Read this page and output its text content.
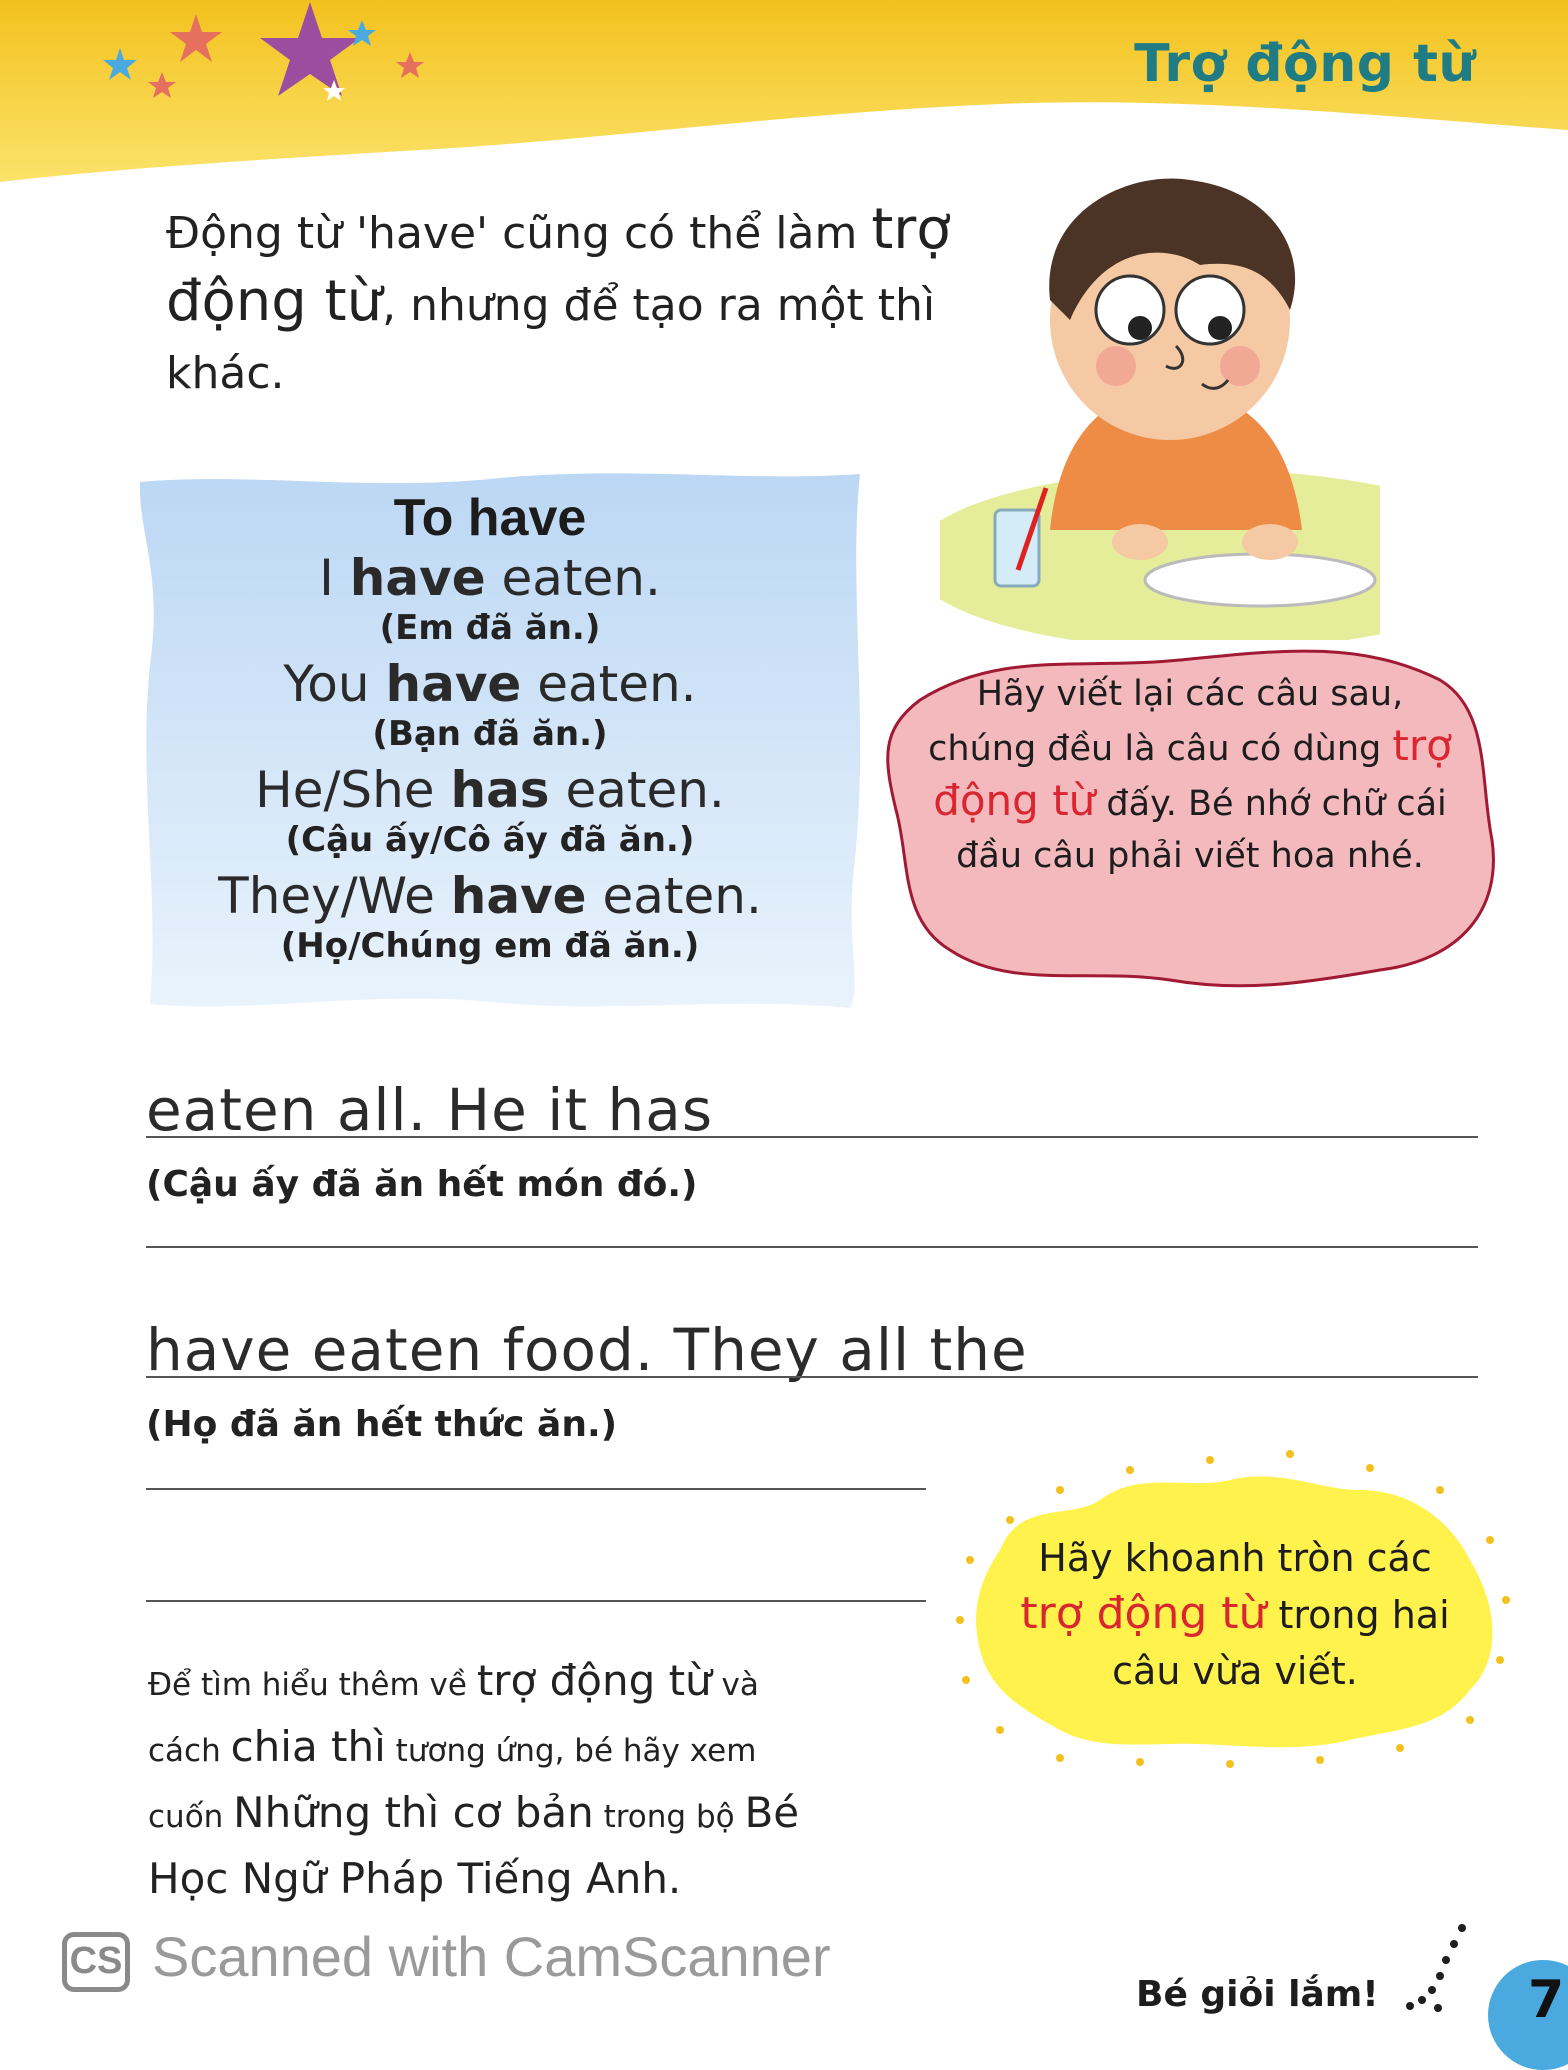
Trợ động từ
Động từ 'have' cũng có thể làm trợ động từ, nhưng để tạo ra một thì khác.
To have
I have eaten.
(Em đã ăn.)
You have eaten.
(Bạn đã ăn.)
He/She has eaten.
(Cậu ấy/Cô ấy đã ăn.)
They/We have eaten.
(Họ/Chúng em đã ăn.)
Hãy viết lại các câu sau, chúng đều là câu có dùng trợ động từ đấy. Bé nhớ chữ cái đầu câu phải viết hoa nhé.
eaten all. He it has
(Cậu ấy đã ăn hết món đó.)
have eaten food. They all the
(Họ đã ăn hết thức ăn.)
Hãy khoanh tròn các
trợ động từ trong hai câu vừa viết.
Để tìm hiểu thêm về trợ động từ và cách chia thì tương ứng, bé hãy xem cuốn Những thì cơ bản trong bộ Bé Học Ngữ Pháp Tiếng Anh.
CS Scanned with CamScanner
Bé giỏi lắm!	7
